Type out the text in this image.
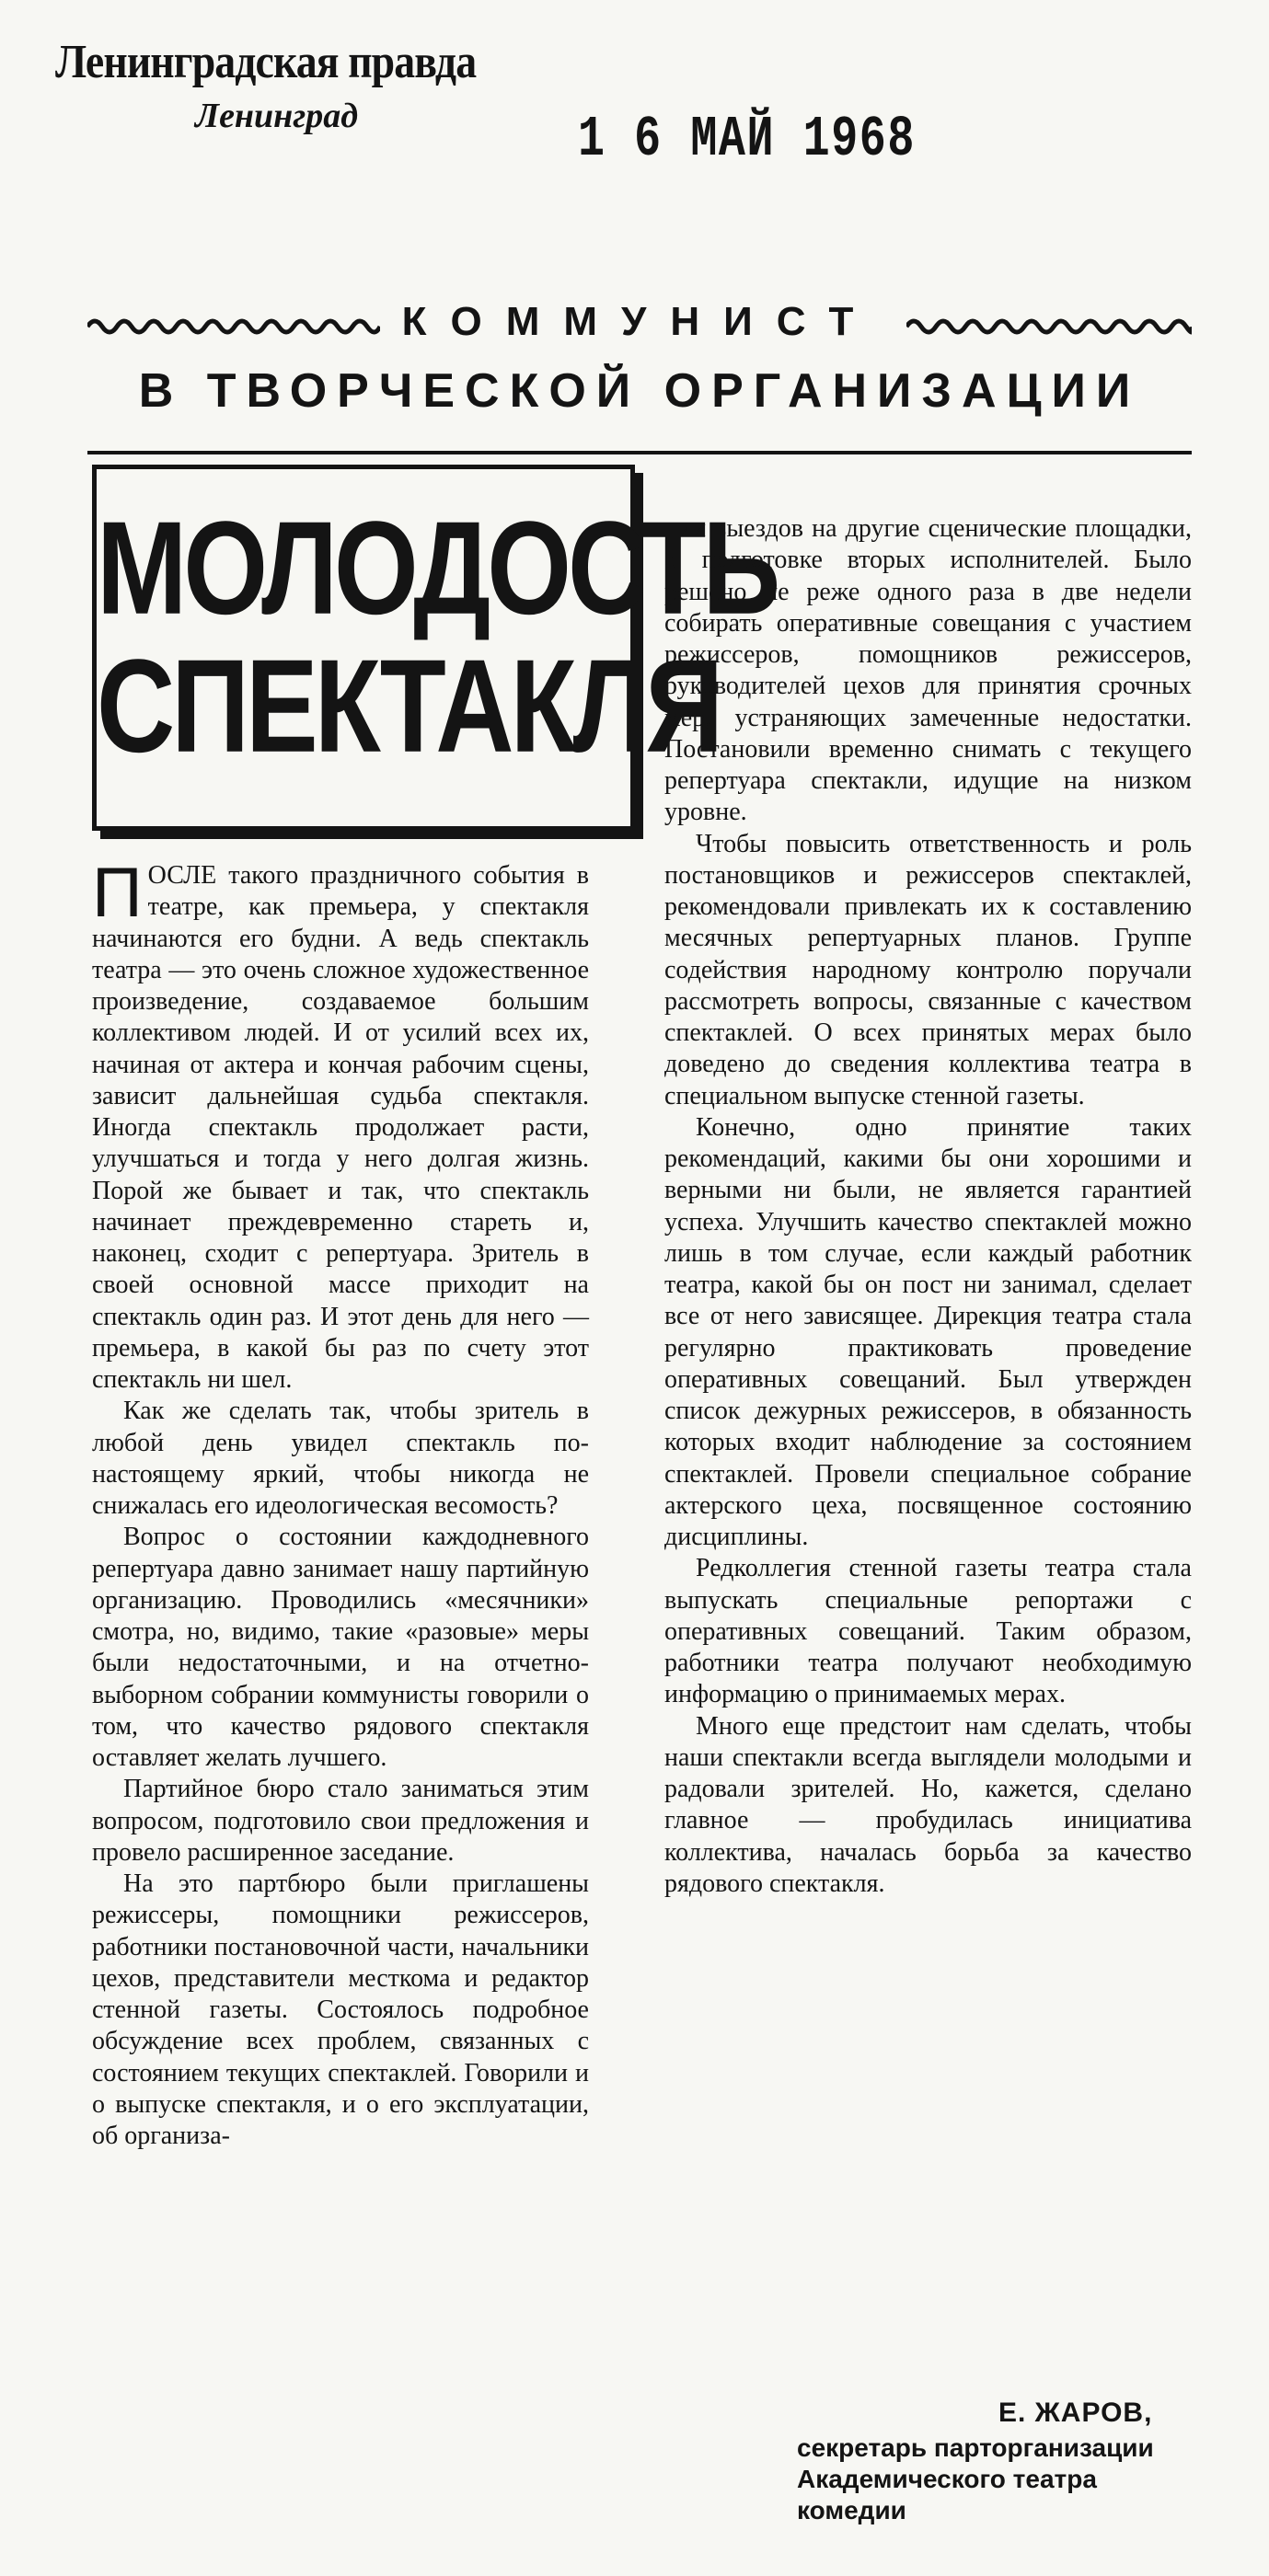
Ленинградская правда
Ленинград	1 6 МАЙ 1968
КОММУНИСТ
В ТВОРЧЕСКОЙ ОРГАНИЗАЦИИ
МОЛОДОСТЬ
СПЕКТАКЛЯ

ПОСЛЕ такого праздничного события в театре, как премьера, у спектакля начинаются его будни. А ведь спектакль театра — это очень сложное художественное произведение, создаваемое большим коллективом людей. И от усилий всех их, начиная от актера и кончая рабочим сцены, зависит дальнейшая судьба спектакля. Иногда спектакль продолжает расти, улучшаться и тогда у него долгая жизнь. Порой же бывает и так, что спектакль начинает преждевременно стареть и, наконец, сходит с репертуара. Зритель в своей основной массе приходит на спектакль один раз. И этот день для него — премьера, в какой бы раз по счету этот спектакль ни шел.

Как же сделать так, чтобы зритель в любой день увидел спектакль по-настоящему яркий, чтобы никогда не снижалась его идеологическая весомость?

Вопрос о состоянии каждодневного репертуара давно занимает нашу партийную организацию. Проводились «месячники» смотра, но, видимо, такие «разовые» меры были недостаточными, и на отчетно-выборном собрании коммунисты говорили о том, что качество рядового спектакля оставляет желать лучшего.

Партийное бюро стало заниматься этим вопросом, подготовило свои предложения и провело расширенное заседание.

На это партбюро были приглашены режиссеры, помощники режиссеров, работники постановочной части, начальники цехов, представители месткома и редактор стенной газеты. Состоялось подробное обсуждение всех проблем, связанных с состоянием текущих спектаклей. Говорили и о выпуске спектакля, и о его эксплуатации, об организа-

ции выездов на другие сценические площадки, о подготовке вторых исполнителей. Было решено не реже одного раза в две недели собирать оперативные совещания с участием режиссеров, помощников режиссеров, руководителей цехов для принятия срочных мер, устраняющих замеченные недостатки. Постановили временно снимать с текущего репертуара спектакли, идущие на низком уровне.

Чтобы повысить ответственность и роль постановщиков и режиссеров спектаклей, рекомендовали привлекать их к составлению месячных репертуарных планов. Группе содействия народному контролю поручали рассмотреть вопросы, связанные с качеством спектаклей. О всех принятых мерах было доведено до сведения коллектива театра в специальном выпуске стенной газеты.

Конечно, одно принятие таких рекомендаций, какими бы они хорошими и верными ни были, не является гарантией успеха. Улучшить качество спектаклей можно лишь в том случае, если каждый работник театра, какой бы он пост ни занимал, сделает все от него зависящее. Дирекция театра стала регулярно практиковать проведение оперативных совещаний. Был утвержден список дежурных режиссеров, в обязанность которых входит наблюдение за состоянием спектаклей. Провели специальное собрание актерского цеха, посвященное состоянию дисциплины.

Редколлегия стенной газеты театра стала выпускать специальные репортажи с оперативных совещаний. Таким образом, работники театра получают необходимую информацию о принимаемых мерах.

Много еще предстоит нам сделать, чтобы наши спектакли всегда выглядели молодыми и радовали зрителей. Но, кажется, сделано главное — пробудилась инициатива коллектива, началась борьба за качество рядового спектакля.

Е. ЖАРОВ,

секретарь парторганизации Академического театра комедии
